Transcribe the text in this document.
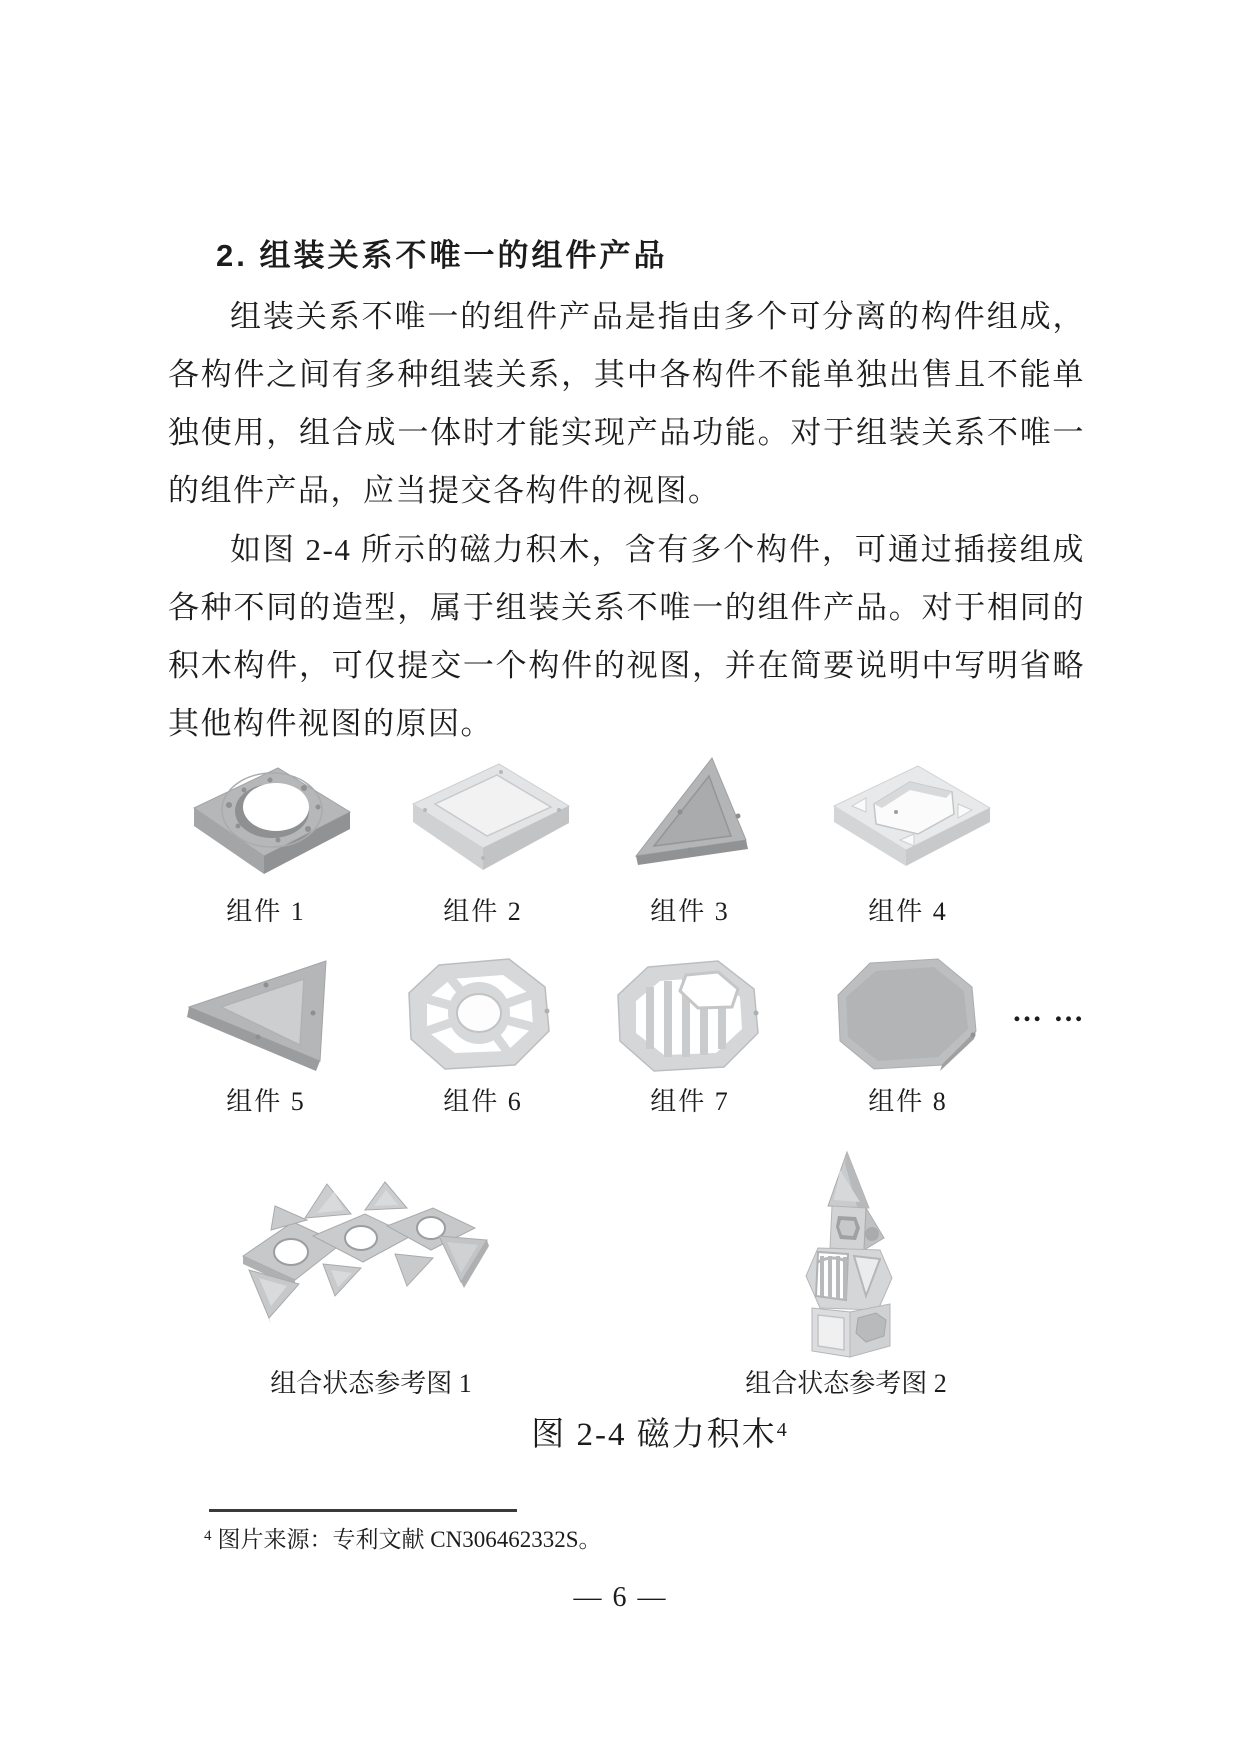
2. 组装关系不唯一的组件产品
组装关系不唯一的组件产品是指由多个可分离的构件组成，
各构件之间有多种组装关系，其中各构件不能单独出售且不能单
独使用，组合成一体时才能实现产品功能。对于组装关系不唯一
的组件产品，应当提交各构件的视图。
如图 2-4 所示的磁力积木，含有多个构件，可通过插接组成
各种不同的造型，属于组装关系不唯一的组件产品。对于相同的
积木构件，可仅提交一个构件的视图，并在简要说明中写明省略
其他构件视图的原因。
组件 1	组件 2	组件 3	组件 4
… …
组件 5	组件 6	组件 7	组件 8
组合状态参考图 1	组合状态参考图 2
图 2-4 磁力积木$^4$
$^4$ 图片来源：专利文献 CN306462332S。
— 6 —
